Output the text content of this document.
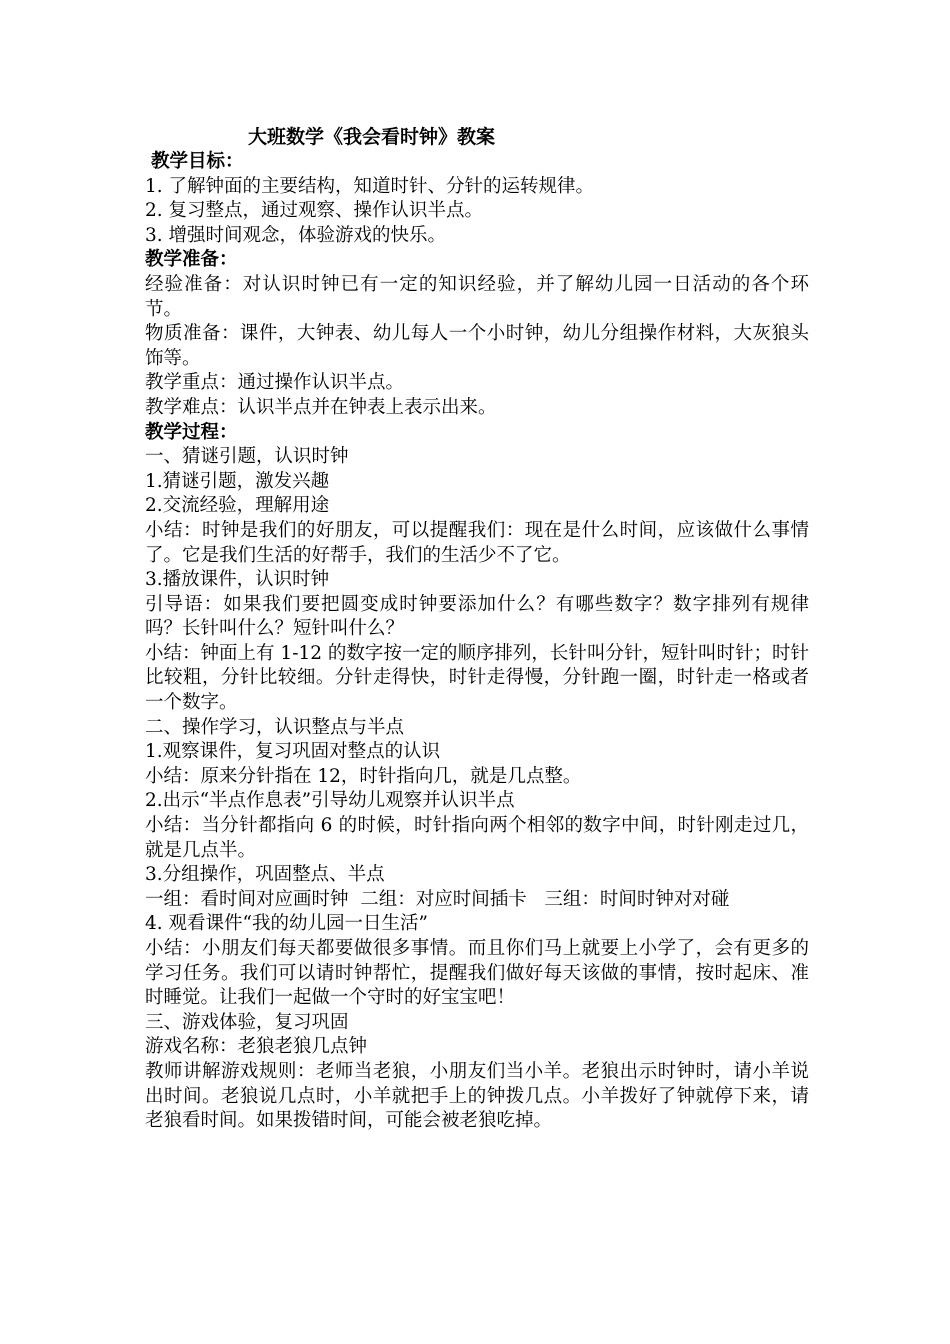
大班数学《我会看时钟》教案

教学目标：

1. 了解钟面的主要结构，知道时针、分针的运转规律。

2. 复习整点，通过观察、操作认识半点。

3. 增强时间观念，体验游戏的快乐。

教学准备：

经验准备：对认识时钟已有一定的知识经验，并了解幼儿园一日活动的各个环节。

物质准备：课件，大钟表、幼儿每人一个小时钟，幼儿分组操作材料，大灰狼头饰等。

教学重点：通过操作认识半点。

教学难点：认识半点并在钟表上表示出来。

教学过程：

一、猜谜引题，认识时钟

1.猜谜引题，激发兴趣

2.交流经验，理解用途

小结：时钟是我们的好朋友，可以提醒我们：现在是什么时间，应该做什么事情了。它是我们生活的好帮手，我们的生活少不了它。

3.播放课件，认识时钟

引导语：如果我们要把圆变成时钟要添加什么？有哪些数字？数字排列有规律吗？长针叫什么？短针叫什么？

小结：钟面上有 1-12 的数字按一定的顺序排列，长针叫分针，短针叫时针；时针比较粗，分针比较细。分针走得快，时针走得慢，分针跑一圈，时针走一格或者一个数字。

二、操作学习，认识整点与半点

1.观察课件，复习巩固对整点的认识

小结：原来分针指在 12，时针指向几，就是几点整。

2.出示“半点作息表”引导幼儿观察并认识半点

小结：当分针都指向 6 的时候，时针指向两个相邻的数字中间，时针刚走过几，就是几点半。

3.分组操作，巩固整点、半点

一组：看时间对应画时钟  二组：对应时间插卡   三组：时间时钟对对碰

4. 观看课件“我的幼儿园一日生活”

小结：小朋友们每天都要做很多事情。而且你们马上就要上小学了，会有更多的学习任务。我们可以请时钟帮忙，提醒我们做好每天该做的事情，按时起床、准时睡觉。让我们一起做一个守时的好宝宝吧！

三、游戏体验，复习巩固

游戏名称：老狼老狼几点钟

教师讲解游戏规则：老师当老狼，小朋友们当小羊。老狼出示时钟时，请小羊说出时间。老狼说几点时，小羊就把手上的钟拨几点。小羊拨好了钟就停下来，请老狼看时间。如果拨错时间，可能会被老狼吃掉。
